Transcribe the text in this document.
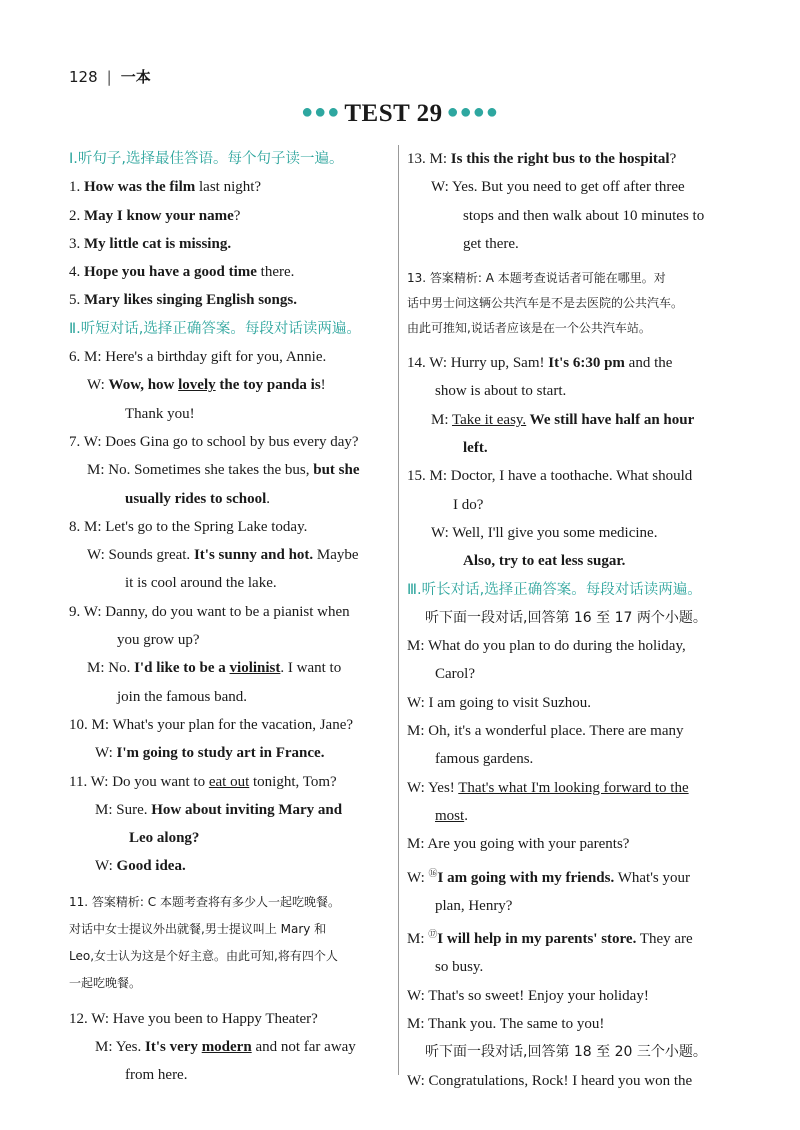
128 | 一本
●●● TEST 29 ●●●●
Ⅰ.听句子,选择最佳答语。每个句子读一遍。
1. How was the film last night?
2. May I know your name?
3. My little cat is missing.
4. Hope you have a good time there.
5. Mary likes singing English songs.
Ⅱ.听短对话,选择正确答案。每段对话读两遍。
6. M: Here's a birthday gift for you, Annie.
W: Wow, how lovely the toy panda is!
Thank you!
7. W: Does Gina go to school by bus every day?
M: No. Sometimes she takes the bus, but she
usually rides to school.
8. M: Let's go to the Spring Lake today.
W: Sounds great. It's sunny and hot. Maybe
it is cool around the lake.
9. W: Danny, do you want to be a pianist when
you grow up?
M: No. I'd like to be a violinist. I want to
join the famous band.
10. M: What's your plan for the vacation, Jane?
W: I'm going to study art in France.
11. W: Do you want to eat out tonight, Tom?
M: Sure. How about inviting Mary and
Leo along?
W: Good idea.
11. 答案精析: C 本题考查将有多少人一起吃晚餐。
对话中女士提议外出就餐,男士提议叫上 Mary 和
Leo,女士认为这是个好主意。由此可知,将有四个人
一起吃晚餐。
12. W: Have you been to Happy Theater?
M: Yes. It's very modern and not far away
from here.
13. M: Is this the right bus to the hospital?
W: Yes. But you need to get off after three
stops and then walk about 10 minutes to
get there.
13. 答案精析: A 本题考查说话者可能在哪里。对
话中男士问这辆公共汽车是不是去医院的公共汽车。
由此可推知,说话者应该是在一个公共汽车站。
14. W: Hurry up, Sam! It's 6:30 pm and the
show is about to start.
M: Take it easy. We still have half an hour
left.
15. M: Doctor, I have a toothache. What should
I do?
W: Well, I'll give you some medicine.
Also, try to eat less sugar.
Ⅲ.听长对话,选择正确答案。每段对话读两遍。
听下面一段对话,回答第 16 至 17 两个小题。
M: What do you plan to do during the holiday,
Carol?
W: I am going to visit Suzhou.
M: Oh, it's a wonderful place. There are many
famous gardens.
W: Yes! That's what I'm looking forward to the
most.
M: Are you going with your parents?
W: ⑯I am going with my friends. What's your
plan, Henry?
M: ⑰I will help in my parents' store. They are
so busy.
W: That's so sweet! Enjoy your holiday!
M: Thank you. The same to you!
听下面一段对话,回答第 18 至 20 三个小题。
W: Congratulations, Rock! I heard you won the
